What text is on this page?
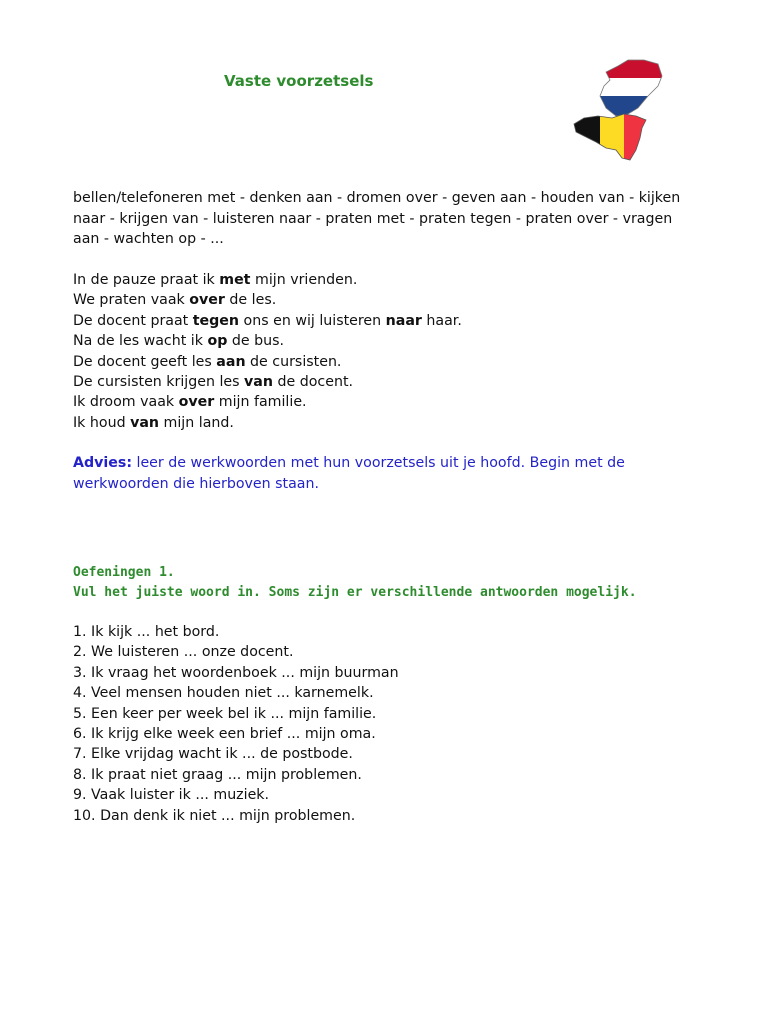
Vaste voorzetsels

bellen/telefoneren met - denken aan - dromen over - geven aan - houden van - kijken naar - krijgen van - luisteren naar - praten met - praten tegen - praten over - vragen aan - wachten op - ...

In de pauze praat ik met mijn vrienden.
We praten vaak over de les.
De docent praat tegen ons en wij luisteren naar haar.
Na de les wacht ik op de bus.
De docent geeft les aan de cursisten.
De cursisten krijgen les van de docent.
Ik droom vaak over mijn familie.
Ik houd van mijn land.

Advies: leer de werkwoorden met hun voorzetsels uit je hoofd. Begin met de werkwoorden die hierboven staan.

Oefeningen 1.
Vul het juiste woord in. Soms zijn er verschillende antwoorden mogelijk.
1. Ik kijk ... het bord.
2. We luisteren ... onze docent.
3. Ik vraag het woordenboek ... mijn buurman
4. Veel mensen houden niet ... karnemelk.
5. Een keer per week bel ik ... mijn familie.
6. Ik krijg elke week een brief ... mijn oma.
7. Elke vrijdag wacht ik ... de postbode.
8. Ik praat niet graag ... mijn problemen.
9. Vaak luister ik ... muziek.
10. Dan denk ik niet ... mijn problemen.
